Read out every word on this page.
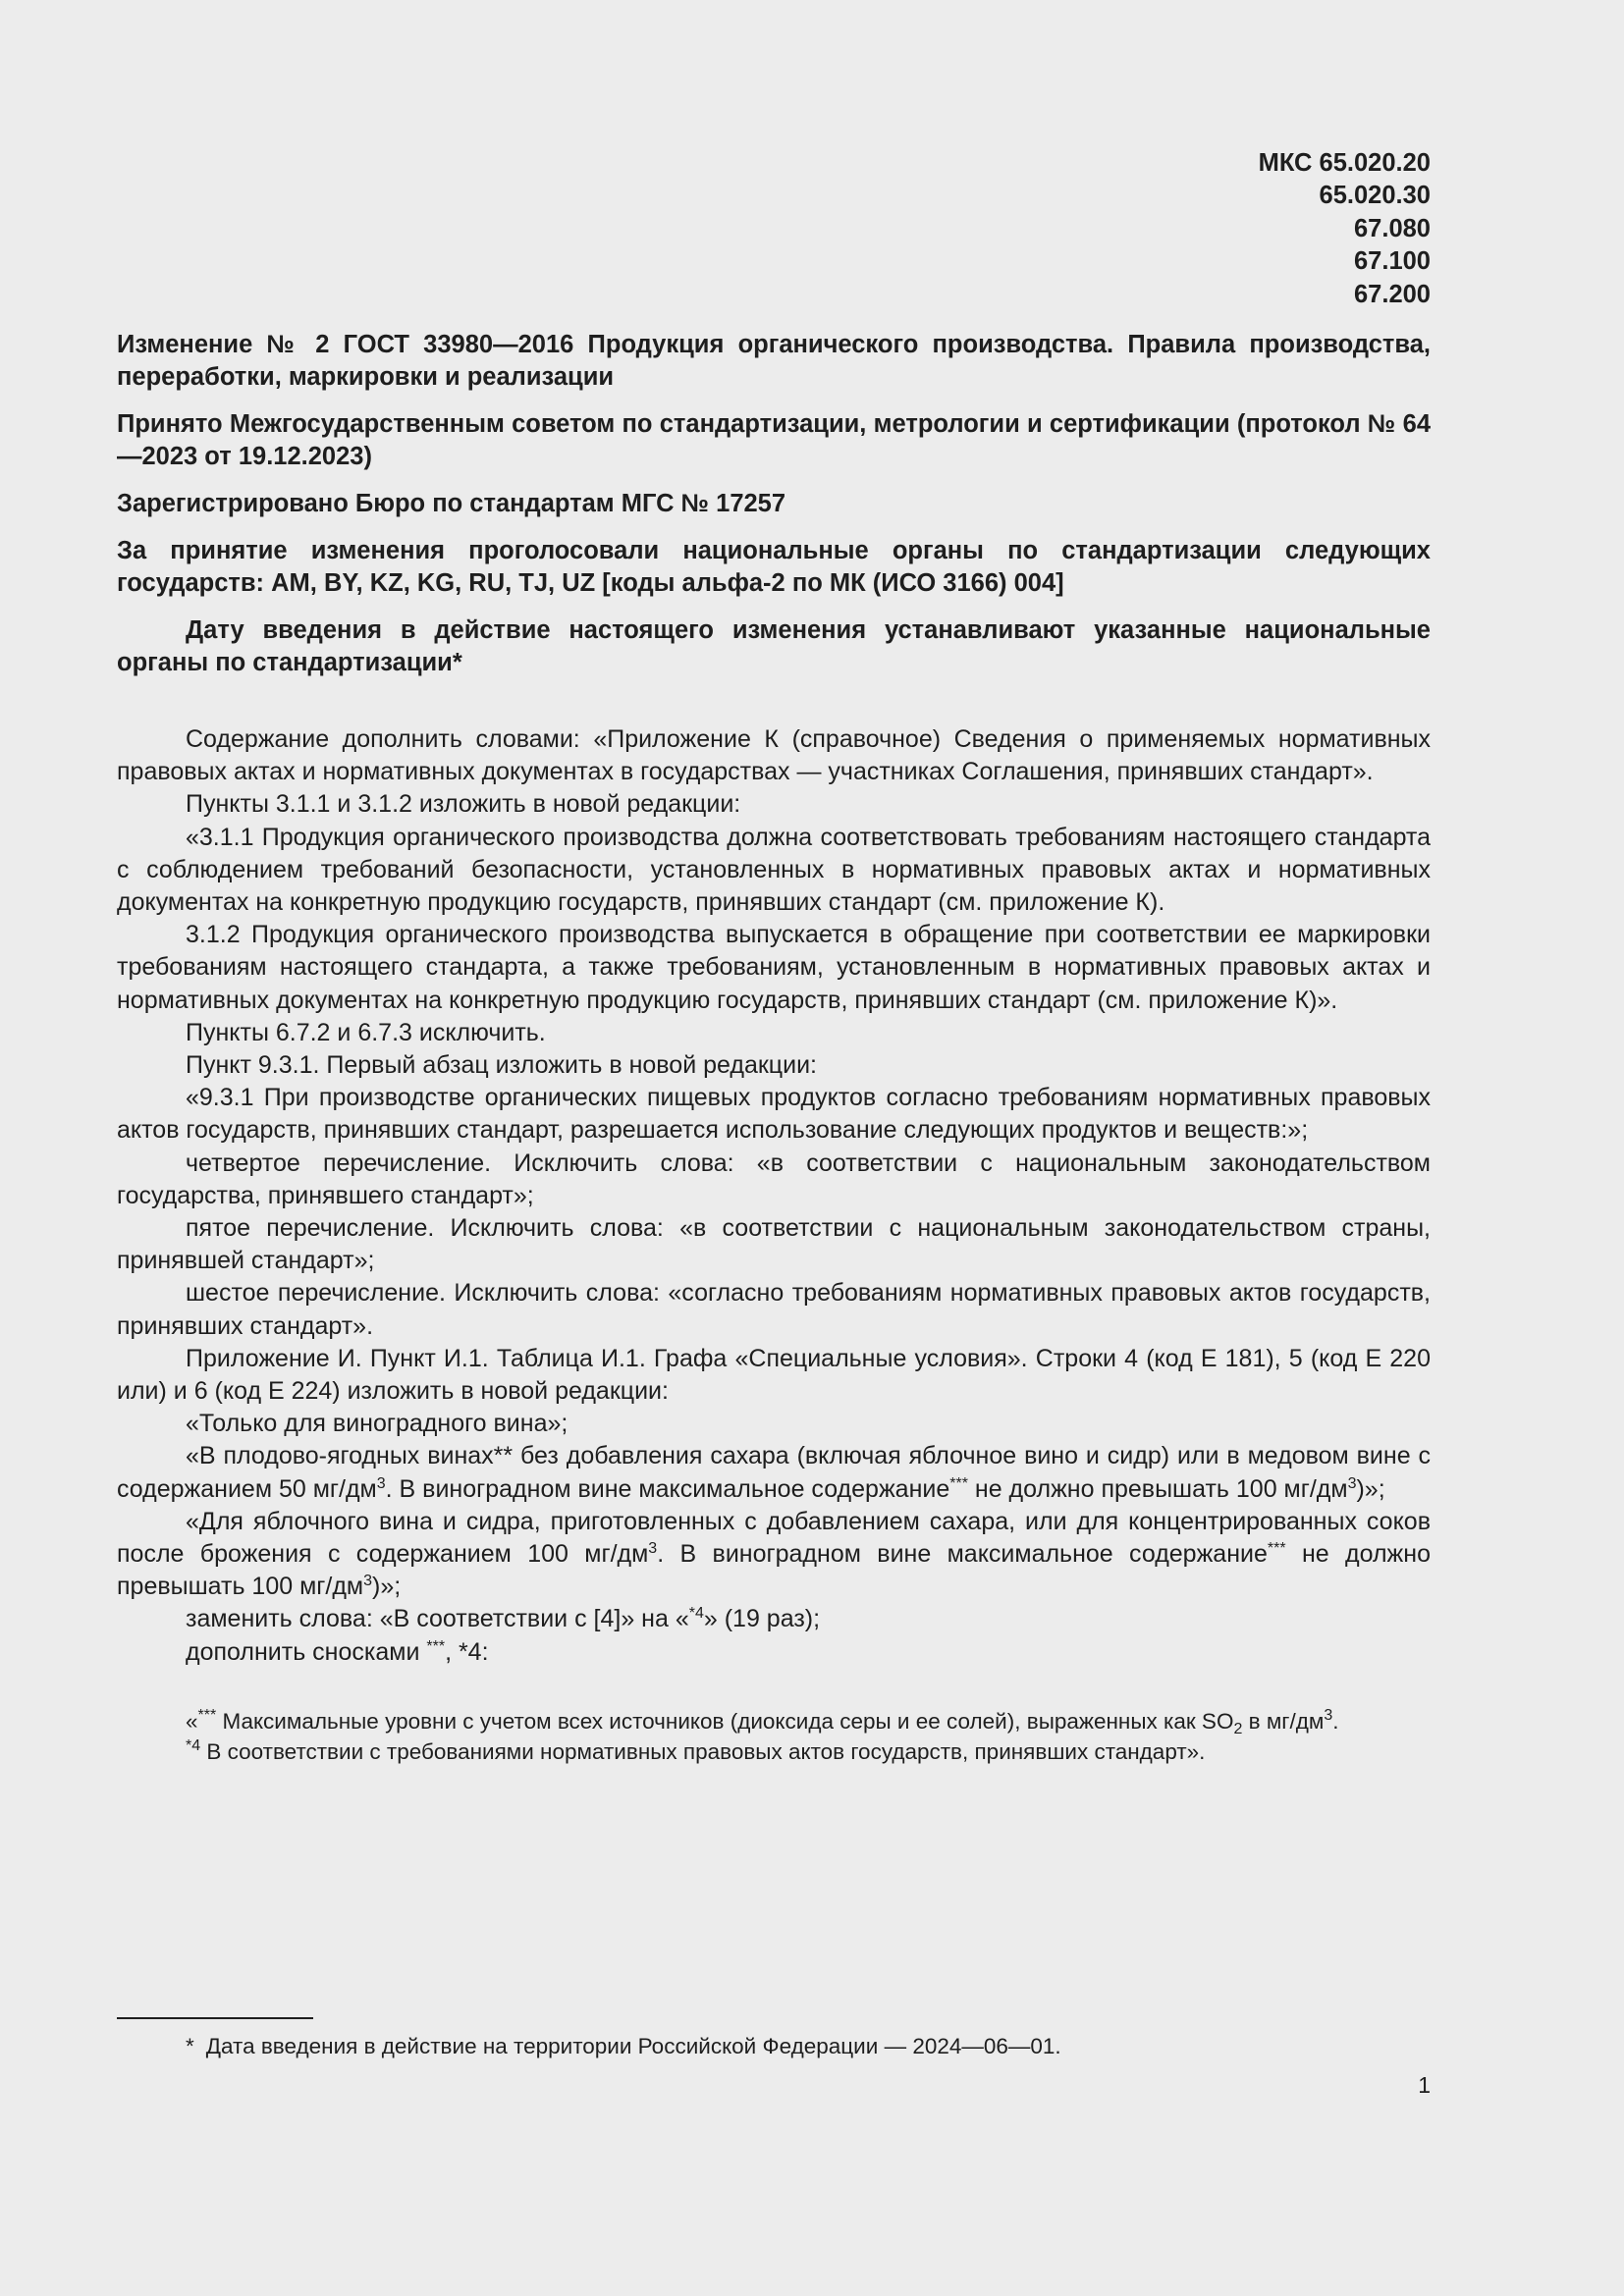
МКС 65.020.20
65.020.30
67.080
67.100
67.200

Изменение № 2 ГОСТ 33980—2016 Продукция органического производства. Правила производства, переработки, маркировки и реализации

Принято Межгосударственным советом по стандартизации, метрологии и сертификации (протокол № 64—2023 от 19.12.2023)

Зарегистрировано Бюро по стандартам МГС № 17257

За принятие изменения проголосовали национальные органы по стандартизации следующих государств: AM, BY, KZ, KG, RU, TJ, UZ [коды альфа-2 по МК (ИСО 3166) 004]

Дату введения в действие настоящего изменения устанавливают указанные национальные органы по стандартизации*

Содержание дополнить словами: «Приложение К (справочное) Сведения о применяемых нормативных правовых актах и нормативных документах в государствах — участниках Соглашения, принявших стандарт».

Пункты 3.1.1 и 3.1.2 изложить в новой редакции:

«3.1.1 Продукция органического производства должна соответствовать требованиям настоящего стандарта с соблюдением требований безопасности, установленных в нормативных правовых актах и нормативных документах на конкретную продукцию государств, принявших стандарт (см. приложение К).

3.1.2 Продукция органического производства выпускается в обращение при соответствии ее маркировки требованиям настоящего стандарта, а также требованиям, установленным в нормативных правовых актах и нормативных документах на конкретную продукцию государств, принявших стандарт (см. приложение К)».

Пункты 6.7.2 и 6.7.3 исключить.

Пункт 9.3.1. Первый абзац изложить в новой редакции:

«9.3.1 При производстве органических пищевых продуктов согласно требованиям нормативных правовых актов государств, принявших стандарт, разрешается использование следующих продуктов и веществ:»;

четвертое перечисление. Исключить слова: «в соответствии с национальным законодательством государства, принявшего стандарт»;

пятое перечисление. Исключить слова: «в соответствии с национальным законодательством страны, принявшей стандарт»;

шестое перечисление. Исключить слова: «согласно требованиям нормативных правовых актов государств, принявших стандарт».

Приложение И. Пункт И.1. Таблица И.1. Графа «Специальные условия». Строки 4 (код Е 181), 5 (код Е 220 или) и 6 (код Е 224) изложить в новой редакции:

«Только для виноградного вина»;

«В плодово-ягодных винах** без добавления сахара (включая яблочное вино и сидр) или в медовом вине с содержанием 50 $мг/дм^3$. В виноградном вине максимальное содержание*** не должно превышать 100 $мг/дм^3$)»;

«Для яблочного вина и сидра, приготовленных с добавлением сахара, или для концентрированных соков после брожения с содержанием 100 $мг/дм^3$. В виноградном вине максимальное содержание*** не должно превышать 100 $мг/дм^3$)»;

заменить слова: «В соответствии с [4]» на «$^{*4}$» (19 раз);

дополнить сносками ***, *4:

«*** Максимальные уровни с учетом всех источников (диоксида серы и ее солей), выраженных как $SO_2$ в $мг/дм^3$.

$^{*4}$ В соответствии с требованиями нормативных правовых актов государств, принявших стандарт».

* Дата введения в действие на территории Российской Федерации — 2024—06—01.
1
